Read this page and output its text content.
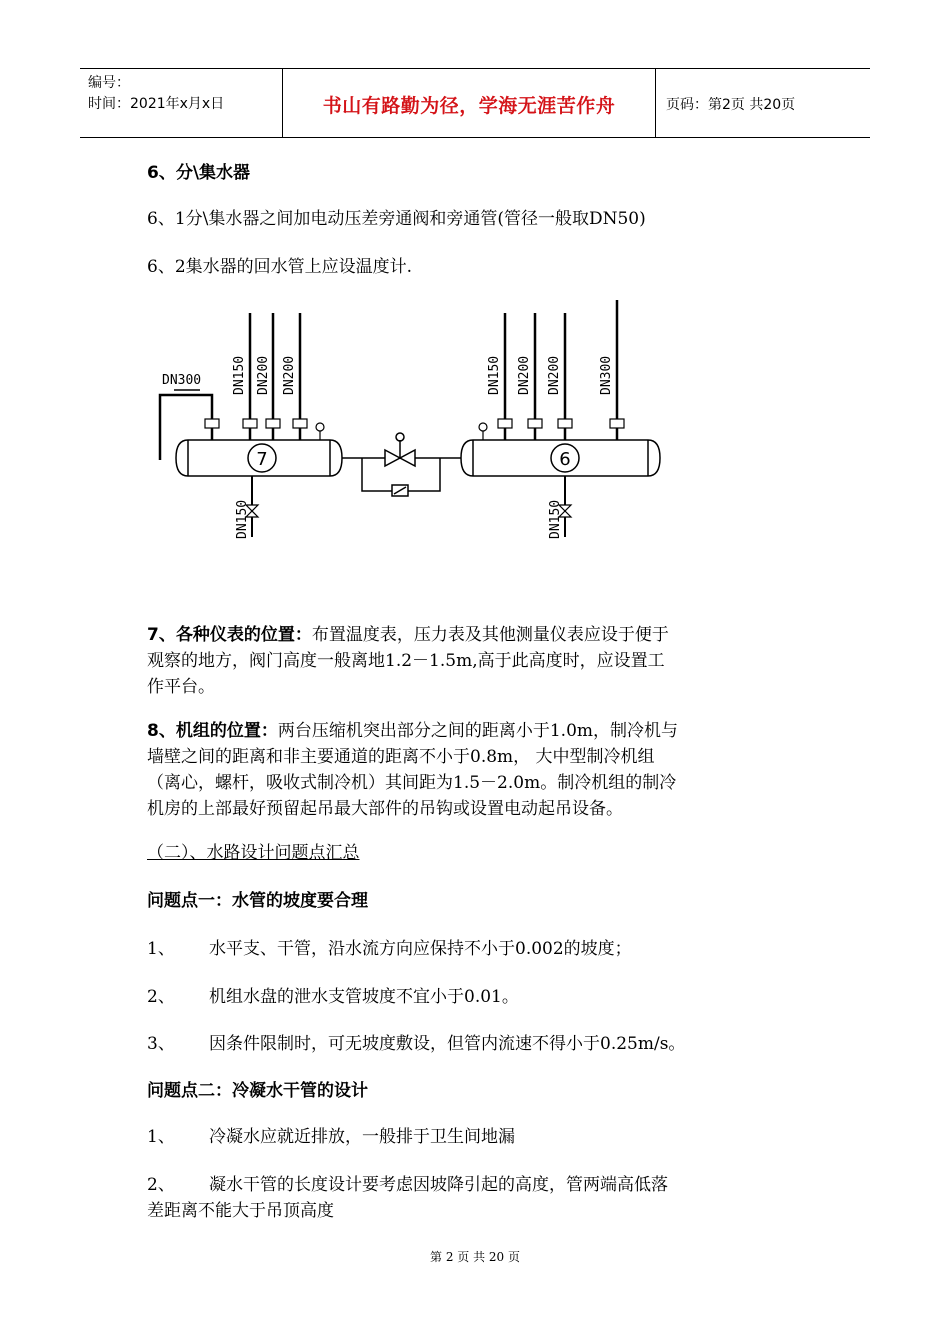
编号：
时间：2021年x月x日	书山有路勤为径，学海无涯苦作舟	页码：第2页 共20页
6、分\集水器
6、1分\集水器之间加电动压差旁通阀和旁通管(管径一般取DN50)
6、2集水器的回水管上应设温度计.
DN300 DN150 DN200 DN200
DN150
DN150 DN200 DN200	DN300
DN150
7	6
7、各种仪表的位置：布置温度表，压力表及其他测量仪表应设于便于
观察的地方，阀门高度一般离地1.2－1.5m,高于此高度时，应设置工
作平台。
8、机组的位置：两台压缩机突出部分之间的距离小于1.0m，制冷机与
墙壁之间的距离和非主要通道的距离不小于0.8m， 大中型制冷机组
（离心，螺杆，吸收式制冷机）其间距为1.5－2.0m。制冷机组的制冷
机房的上部最好预留起吊最大部件的吊钩或设置电动起吊设备。
（二）、水路设计问题点汇总
问题点一：水管的坡度要合理
1、 水平支、干管，沿水流方向应保持不小于0.002的坡度；
2、 机组水盘的泄水支管坡度不宜小于0.01。
3、 因条件限制时，可无坡度敷设，但管内流速不得小于0.25m/s。
问题点二：冷凝水干管的设计
1、 冷凝水应就近排放，一般排于卫生间地漏
2、 凝水干管的长度设计要考虑因坡降引起的高度，管两端高低落
差距离不能大于吊顶高度
第 2 页 共 20 页
